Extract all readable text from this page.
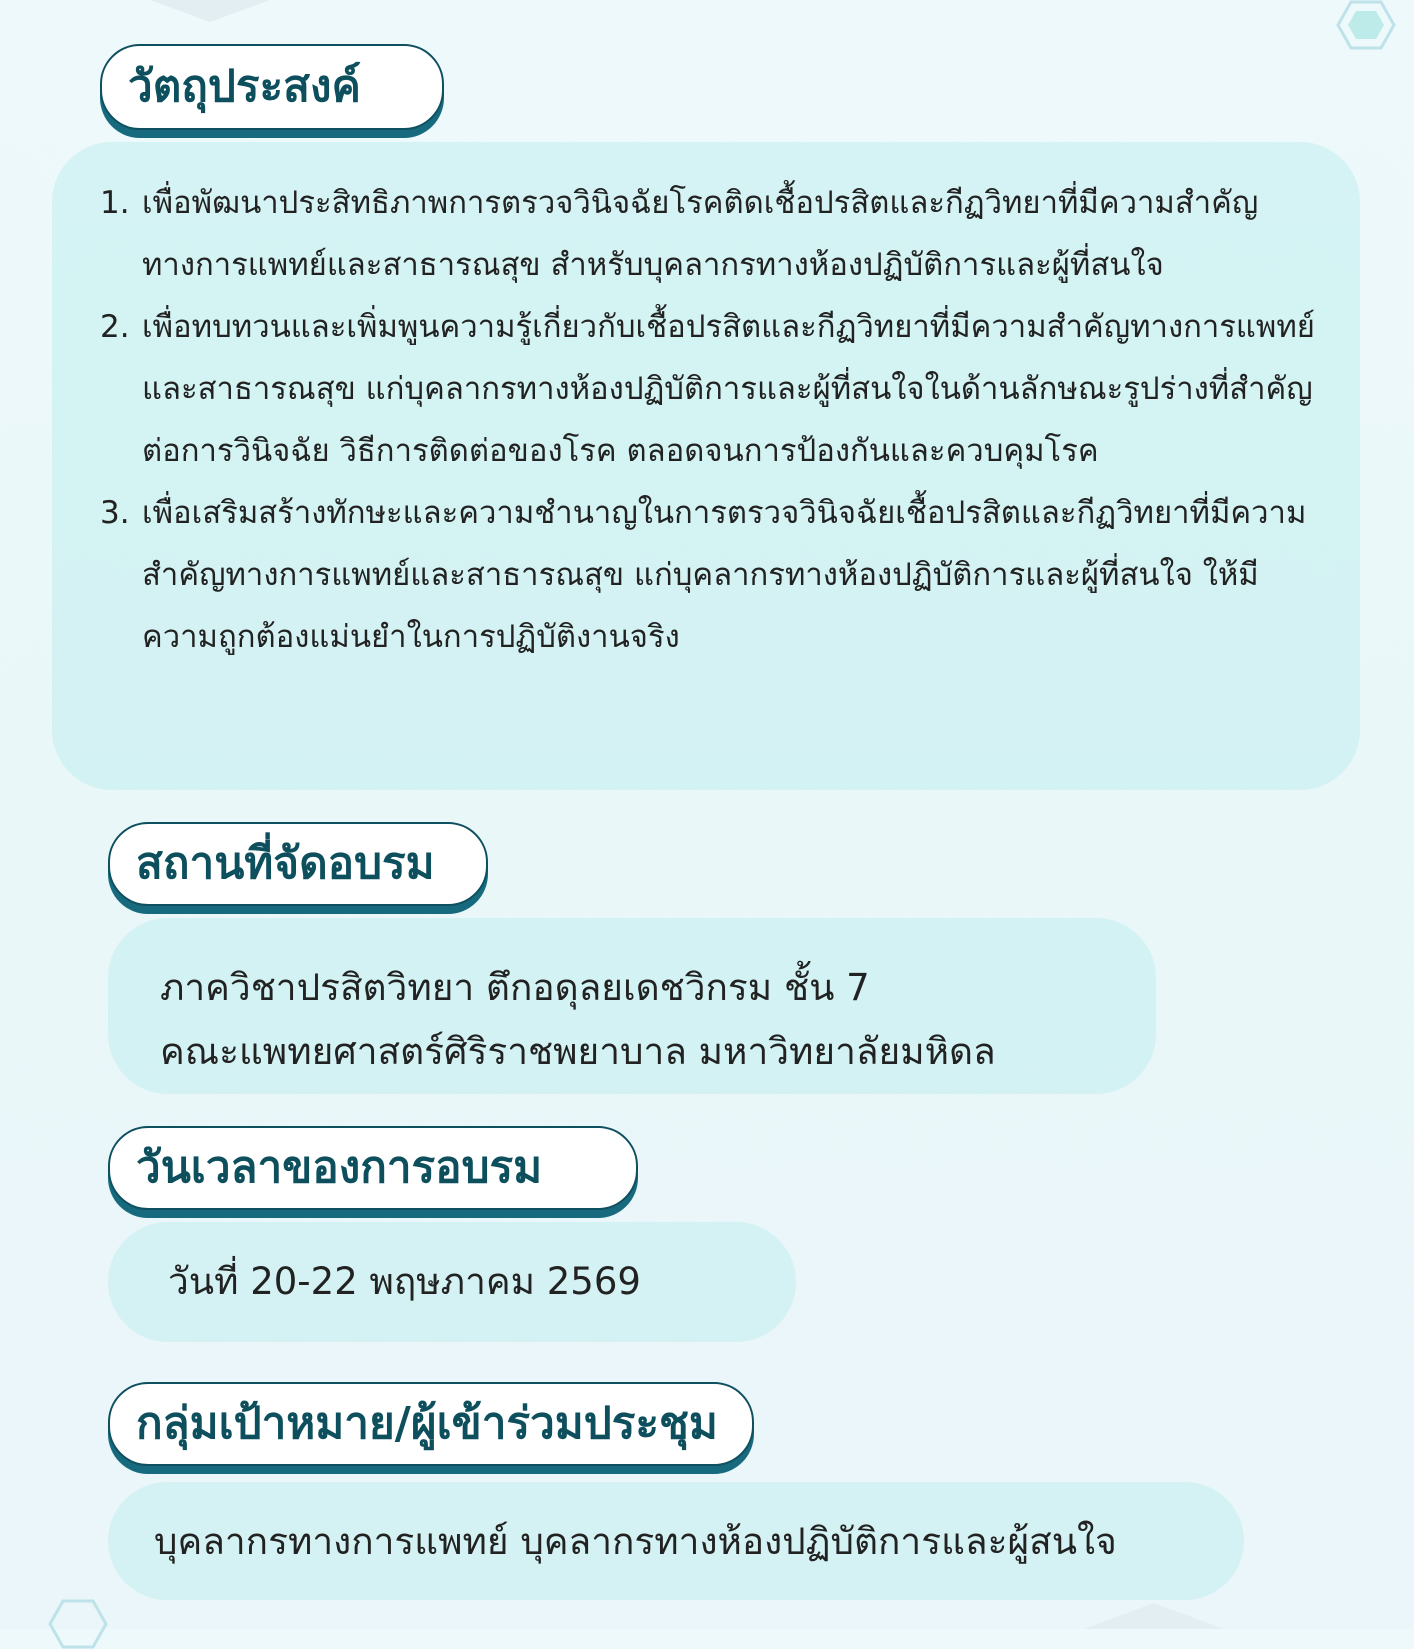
1. เพื่อพัฒนาประสิทธิภาพการตรวจวินิจฉัยโรคติดเชื้อปรสิตและกีฏวิทยาที่มีความสำคัญทางการแพทย์และสาธารณสุข สำหรับบุคลากรทางห้องปฏิบัติการและผู้ที่สนใจ
2. เพื่อทบทวนและเพิ่มพูนความรู้เกี่ยวกับเชื้อปรสิตและกีฏวิทยาที่มีความสำคัญทางการแพทย์และสาธารณสุข แก่บุคลากรทางห้องปฏิบัติการและผู้ที่สนใจในด้านลักษณะรูปร่างที่สำคัญต่อการวินิจฉัย วิธีการติดต่อของโรค ตลอดจนการป้องกันและควบคุมโรค
3. เพื่อเสริมสร้างทักษะและความชำนาญในการตรวจวินิจฉัยเชื้อปรสิตและกีฏวิทยาที่มีความสำคัญทางการแพทย์และสาธารณสุข แก่บุคลากรทางห้องปฏิบัติการและผู้ที่สนใจ ให้มีความถูกต้องแม่นยำในการปฏิบัติงานจริง
วัตถุประสงค์
ภาควิชาปรสิตวิทยา ตึกอดุลยเดชวิกรม ชั้น 7
คณะแพทยศาสตร์ศิริราชพยาบาล มหาวิทยาลัยมหิดล
สถานที่จัดอบรม
วันที่ 20-22 พฤษภาคม 2569
วันเวลาของการอบรม
บุคลากรทางการแพทย์ บุคลากรทางห้องปฏิบัติการและผู้สนใจ
กลุ่มเป้าหมาย/ผู้เข้าร่วมประชุม
